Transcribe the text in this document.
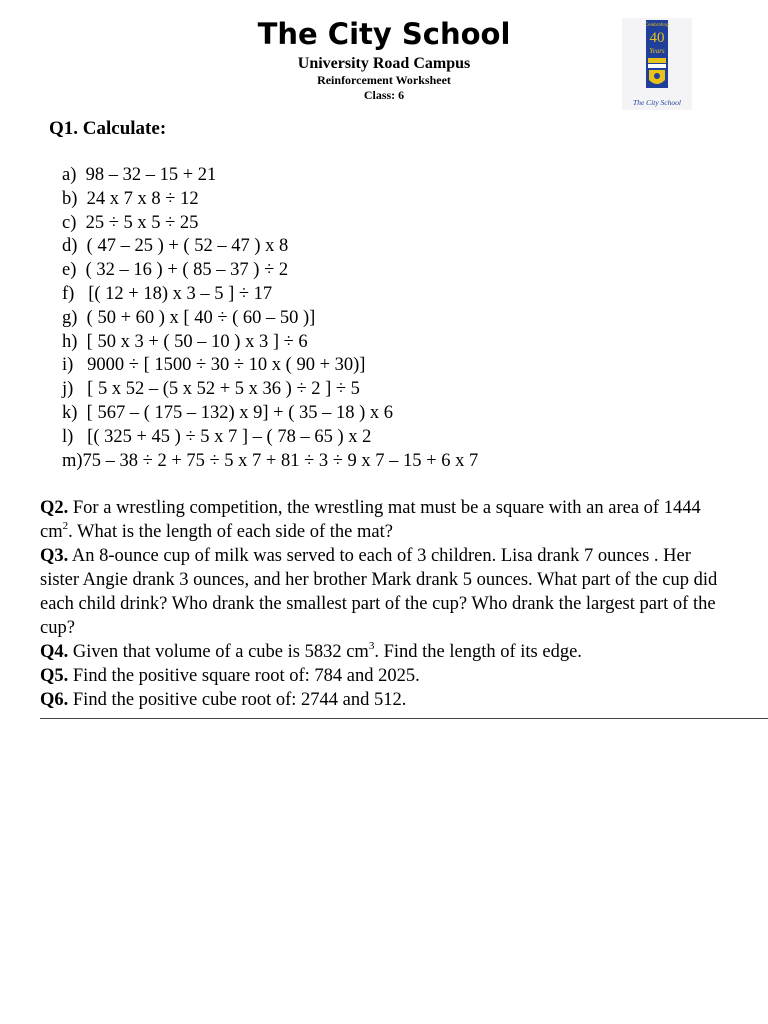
The City School
University Road Campus
Reinforcement Worksheet
Class: 6
Celebrating
40
Years
The City School
Q1. Calculate:
a)  98 – 32 – 15 + 21
b)  24 x 7 x 8 ÷ 12
c)  25 ÷ 5 x 5 ÷ 25
d)  ( 47 – 25 ) + ( 52 – 47 ) x 8
e)  ( 32 – 16 ) + ( 85 – 37 ) ÷ 2
f)   [( 12 + 18) x 3 – 5 ] ÷ 17
g)  ( 50 + 60 ) x [ 40 ÷ ( 60 – 50 )]
h)  [ 50 x 3 + ( 50 – 10 ) x 3 ] ÷ 6
i)   9000 ÷ [ 1500 ÷ 30 ÷ 10 x ( 90 + 30)]
j)   [ 5 x 52 – (5 x 52 + 5 x 36 ) ÷ 2 ] ÷ 5
k)  [ 567 – ( 175 – 132) x 9] + ( 35 – 18 ) x 6
l)   [( 325 + 45 ) ÷ 5 x 7 ] – ( 78 – 65 ) x 2
m)75 – 38 ÷ 2 + 75 ÷ 5 x 7 + 81 ÷ 3 ÷ 9 x 7 – 15 + 6 x 7

Q2. For a wrestling competition, the wrestling mat must be a square with an area of 1444 $cm^2$. What is the length of each side of the mat?

Q3. An 8-ounce cup of milk was served to each of 3 children. Lisa drank 7 ounces . Her sister Angie drank 3 ounces, and her brother Mark drank 5 ounces. What part of the cup did each child drink? Who drank the smallest part of the cup? Who drank the largest part of the cup?

Q4. Given that volume of a cube is 5832 $cm^3$. Find the length of its edge.

Q5. Find the positive square root of: 784 and 2025.

Q6. Find the positive cube root of: 2744 and 512.
